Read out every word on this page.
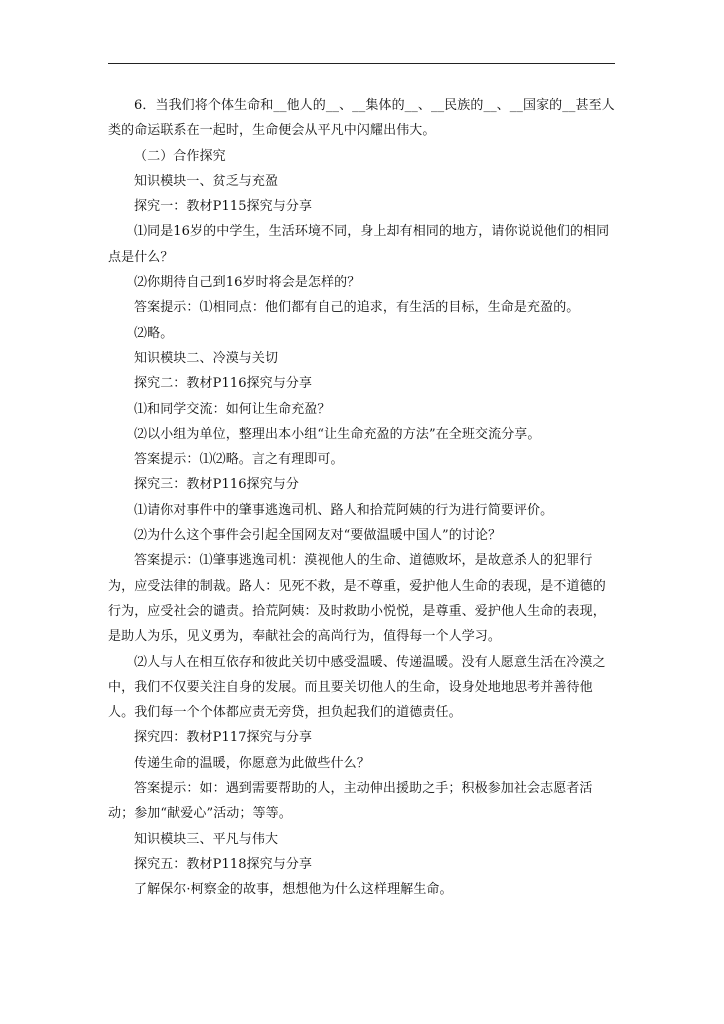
6．当我们将个体生命和__他人的__、__集体的__、__民族的__、__国家的__甚至人类的命运联系在一起时，生命便会从平凡中闪耀出伟大。

（二）合作探究

知识模块一、贫乏与充盈

探究一：教材P115探究与分享

⑴同是16岁的中学生，生活环境不同，身上却有相同的地方，请你说说他们的相同点是什么？

⑵你期待自己到16岁时将会是怎样的？

答案提示：⑴相同点：他们都有自己的追求，有生活的目标，生命是充盈的。

⑵略。

知识模块二、冷漠与关切

探究二：教材P116探究与分享

⑴和同学交流：如何让生命充盈？

⑵以小组为单位，整理出本小组“让生命充盈的方法”在全班交流分享。

答案提示：⑴⑵略。言之有理即可。

探究三：教材P116探究与分

⑴请你对事件中的肇事逃逸司机、路人和拾荒阿姨的行为进行简要评价。

⑵为什么这个事件会引起全国网友对“要做温暖中国人”的讨论？

答案提示：⑴肇事逃逸司机：漠视他人的生命、道德败坏，是故意杀人的犯罪行为，应受法律的制裁。路人：见死不救，是不尊重，爱护他人生命的表现，是不道德的行为，应受社会的谴责。拾荒阿姨：及时救助小悦悦，是尊重、爱护他人生命的表现，是助人为乐，见义勇为，奉献社会的高尚行为，值得每一个人学习。

⑵人与人在相互依存和彼此关切中感受温暖、传递温暖。没有人愿意生活在冷漠之中，我们不仅要关注自身的发展。而且要关切他人的生命，设身处地地思考并善待他人。我们每一个个体都应责无旁贷，担负起我们的道德责任。

探究四：教材P117探究与分享

传递生命的温暖，你愿意为此做些什么？

答案提示：如：遇到需要帮助的人，主动伸出援助之手；积极参加社会志愿者活动；参加“献爱心”活动；等等。

知识模块三、平凡与伟大

探究五：教材P118探究与分享

了解保尔·柯察金的故事，想想他为什么这样理解生命。
